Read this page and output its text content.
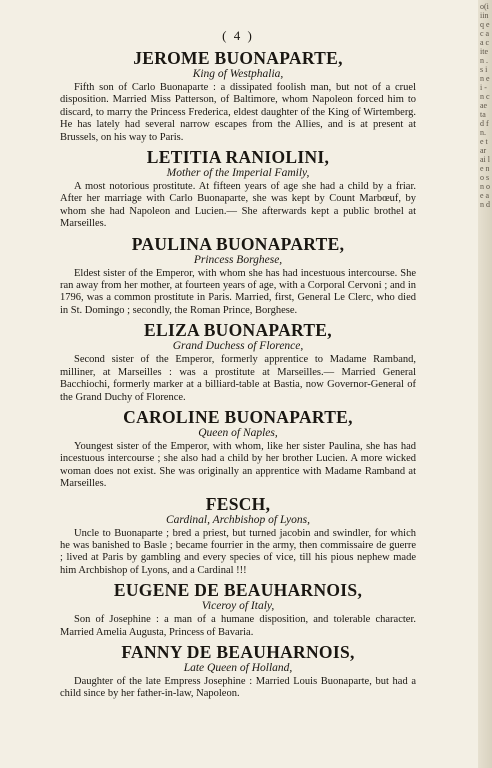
o(i iinq e c aa c ite n . s in e i - n c ae ta d f n. e t ar ai l e n o s n o e a n d
( 4 )

JEROME BUONAPARTE,

King of Westphalia,

Fifth son of Carlo Buonaparte : a dissipated foolish man, but not of a cruel disposition. Married Miss Patterson, of Baltimore, whom Napoleon forced him to discard, to marry the Princess Frederica, eldest daughter of the King of Wirtemberg. He has lately had several narrow escapes from the Allies, and is at present at Brussels, on his way to Paris.

LETITIA RANIOLINI,

Mother of the Imperial Family,

A most notorious prostitute. At fifteen years of age she had a child by a friar. After her marriage with Carlo Buonaparte, she was kept by Count Marbœuf, by whom she had Napoleon and Lucien.— She afterwards kept a public brothel at Marseilles.

PAULINA BUONAPARTE,

Princess Borghese,

Eldest sister of the Emperor, with whom she has had incestuous intercourse. She ran away from her mother, at fourteen years of age, with a Corporal Cervoni ; and in 1796, was a common prostitute in Paris. Married, first, General Le Clerc, who died in St. Domingo ; secondly, the Roman Prince, Borghese.

ELIZA BUONAPARTE,

Grand Duchess of Florence,

Second sister of the Emperor, formerly apprentice to Madame Ramband, milliner, at Marseilles : was a prostitute at Marseilles.— Married General Bacchiochi, formerly marker at a billiard-table at Bastia, now Governor-General of the Grand Duchy of Florence.

CAROLINE BUONAPARTE,

Queen of Naples,

Youngest sister of the Emperor, with whom, like her sister Paulina, she has had incestuous intercourse ; she also had a child by her brother Lucien. A more wicked woman does not exist. She was originally an apprentice with Madame Ramband at Marseilles.

FESCH,

Cardinal, Archbishop of Lyons,

Uncle to Buonaparte ; bred a priest, but turned jacobin and swindler, for which he was banished to Basle ; became fourrier in the army, then commissaire de guerre ; lived at Paris by gambling and every species of vice, till his pious nephew made him Archbishop of Lyons, and a Cardinal !!!

EUGENE DE BEAUHARNOIS,

Viceroy of Italy,

Son of Josephine : a man of a humane disposition, and tolerable character. Married Amelia Augusta, Princess of Bavaria.

FANNY DE BEAUHARNOIS,

Late Queen of Holland,

Daughter of the late Empress Josephine : Married Louis Buonaparte, but had a child since by her father-in-law, Napoleon.
